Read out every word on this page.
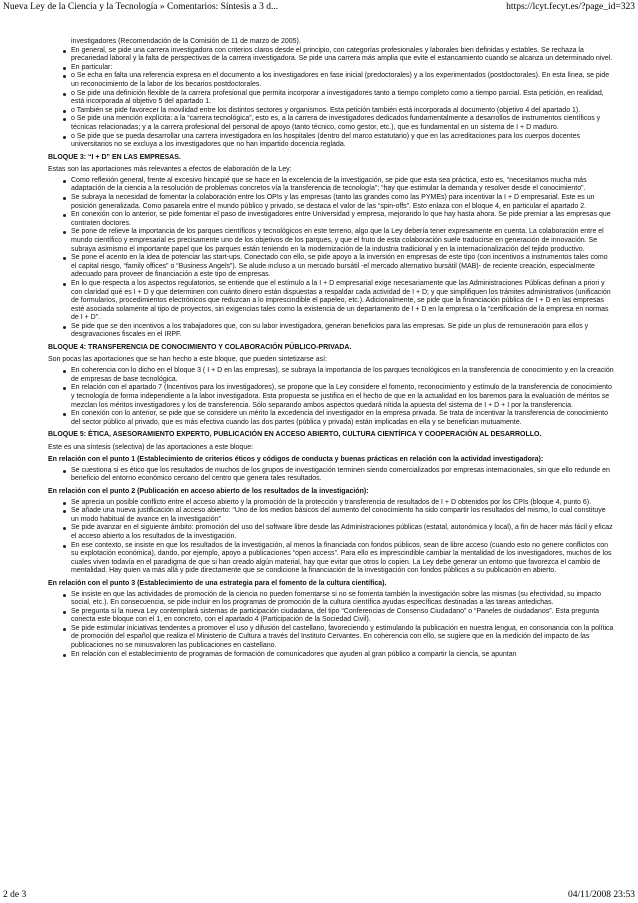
Nueva Ley de la Ciencia y la Tecnología » Comentarios: Síntesis a 3 d...	https://lcyt.fecyt.es/?page_id=323
investigadores (Recomendación de la Comisión de 11 de marzo de 2005).
En general, se pide una carrera investigadora con criterios claros desde el principio, con categorías profesionales y laborales bien definidas y estables. Se rechaza la precariedad laboral y la falta de perspectivas de la carrera investigadora. Se pide una carrera más amplia que evite el estancamiento cuando se alcanza un determinado nivel.
En particular:
o Se echa en falta una referencia expresa en el documento a los investigadores en fase inicial (predoctorales) y a los experimentados (postdoctorales). En esta línea, se pide un reconocimiento de la labor de los becarios postdoctorales.
o Se pide una definición flexible de la carrera profesional que permita incorporar a investigadores tanto a tiempo completo como a tiempo parcial. Esta petición, en realidad, está incorporada al objetivo 5 del apartado 1.
o También se pide favorecer la movilidad entre los distintos sectores y organismos. Esta petición también está incorporada al documento (objetivo 4 del apartado 1).
o Se pide una mención explícita: a la “carrera tecnológica”, esto es, a la carrera de investigadores dedicados fundamentalmente a desarrollos de instrumentos científicos y técnicas relacionadas; y a la carrera profesional del personal de apoyo (tanto técnico, como gestor, etc.), que es fundamental en un sistema de I + D maduro.
o Se pide que se pueda desarrollar una carrera investigadora en los hospitales (dentro del marco estatutario) y que en las acreditaciones para los cuerpos docentes universitarios no se excluya a los investigadores que no han impartido docencia reglada.
BLOQUE 3: “I + D” EN LAS EMPRESAS.
Estas son las aportaciones más relevantes a efectos de elaboración de la Ley:
Como reflexión general, frente al excesivo hincapié que se hace en la excelencia de la investigación, se pide que esta sea práctica, esto es, “necesitamos mucha más adaptación de la ciencia a la resolución de problemas concretos vía la transferencia de tecnología”; “hay que estimular la demanda y resolver desde el conocimiento”.
Se subraya la necesidad de fomentar la colaboración entre los OPIs y las empresas (tanto las grandes como las PYMEs) para incentivar la I + D empresarial. Este es un posición generalizada. Como pasarela entre el mundo público y privado, se destaca el valor de las “spin-offs”. Esto enlaza con el bloque 4, en particular el apartado 2.
En conexión con lo anterior, se pide fomentar el paso de investigadores entre Universidad y empresa, mejorando lo que hay hasta ahora. Se pide premiar a las empresas que contraten doctores.
Se pone de relieve la importancia de los parques científicos y tecnológicos en este terreno, algo que la Ley debería tener expresamente en cuenta. La colaboración entre el mundo científico y empresarial es precisamente uno de los objetivos de los parques, y que el fruto de esta colaboración suele traducirse en generación de innovación. Se subraya asimismo el importante papel que los parques están teniendo en la modernización de la industria tradicional y en la internacionalización del tejido productivo.
Se pone el acento en la idea de potenciar las start-ups. Conectado con ello, se pide apoyo a la inversión en empresas de este tipo (con incentivos a instrumentos tales como el capital riesgo, “family offices” o “Business Angels”). Se alude incluso a un mercado bursátil -el mercado alternativo bursátil (MAB)- de reciente creación, especialmente adecuado para proveer de financiación a este tipo de empresas.
En lo que respecta a los aspectos regulatorios, se entiende que el estímulo a la I + D empresarial exige necesariamente que las Administraciones Públicas definan a priori y con claridad qué es I + D y que determinen con cuánto dinero están dispuestas a respaldar cada actividad de I + D; y que simplifiquen los trámites administrativos (unificación de formularios, procedimientos electrónicos que reduzcan a lo imprescindible el papeleo, etc.). Adicionalmente, se pide que la financiación pública de I + D en las empresas esté asociada solamente al tipo de proyectos, sin exigencias tales como la existencia de un departamento de I + D en la empresa o la “certificación de la empresa en normas de I + D”.
Se pide que se den incentivos a los trabajadores que, con su labor investigadora, generan beneficios para las empresas. Se pide un plus de remuneración para ellos y desgravaciones fiscales en el IRPF.
BLOQUE 4: TRANSFERENCIA DE CONOCIMIENTO Y COLABORACIÓN PÚBLICO-PRIVADA.
Son pocas las aportaciones que se han hecho a este bloque, que pueden sintetizarse así:
En coherencia con lo dicho en el bloque 3 ( I + D en las empresas), se subraya la importancia de los parques tecnológicos en la transferencia de conocimiento y en la creación de empresas de base tecnológica.
En relación con el apartado 7 (Incentivos para los investigadores), se propone que la Ley considere el fomento, reconocimiento y estímulo de la transferencia de conocimiento y tecnología de forma independiente a la labor investigadora. Esta propuesta se justifica en el hecho de que en la actualidad en los baremos para la evaluación de méritos se mezclan los méritos investigadores y los de transferencia. Sólo separando ambos aspectos quedará nítida la apuesta del sistema de I + D + I por la transferencia.
En conexión con lo anterior, se pide que se considere un mérito la excedencia del investigador en la empresa privada. Se trata de incentivar la transferencia de conocimiento del sector público al privado, que es más efectiva cuando las dos partes (pública y privada) están implicadas en ella y se benefician mutuamente.
BLOQUE 5: ÉTICA, ASESORAMIENTO EXPERTO, PUBLICACIÓN EN ACCESO ABIERTO, CULTURA CIENTÍFICA Y COOPERACIÓN AL DESARROLLO.
Este es una síntesis (selectiva) de las aportaciones a este bloque:
En relación con el punto 1 (Establecimiento de criterios éticos y códigos de conducta y buenas prácticas en relación con la actividad investigadora):
Se cuestiona si es ético que los resultados de muchos de los grupos de investigación terminen siendo comercializados por empresas internacionales, sin que ello redunde en beneficio del entorno económico cercano del centro que genera tales resultados.
En relación con el punto 2 (Publicación en acceso abierto de los resultados de la investigación):
Se aprecia un posible conflicto entre el acceso abierto y la promoción de la protección y transferencia de resultados de I + D obtenidos por los CPIs (bloque 4, punto 6).
Se añade una nueva justificación al acceso abierto: “Uno de los medios básicos del aumento del conocimiento ha sido compartir los resultados del mismo, lo cual constituye un modo habitual de avance en la investigación”
Se pide avanzar en el siguiente ámbito: promoción del uso del software libre desde las Administraciones públicas (estatal, autonómica y local), a fin de hacer más fácil y eficaz el acceso abierto a los resultados de la investigación.
En ese contexto, se insiste en que los resultados de la investigación, al menos la financiada con fondos públicos, sean de libre acceso (cuando esto no genere conflictos con su explotación económica), dando, por ejemplo, apoyo a publicaciones “open access”. Para ello es imprescindible cambiar la mentalidad de los investigadores, muchos de los cuales viven todavía en el paradigma de que si han creado algún material, hay que evitar que otros lo copien. La Ley debe generar un entorno que favorezca el cambio de mentalidad. Hay quien va más allá y pide directamente que se condicione la financiación de la investigación con fondos públicos a su publicación en abierto.
En relación con el punto 3 (Establecimiento de una estrategia para el fomento de la cultura científica).
Se insiste en que las actividades de promoción de la ciencia no pueden fomentarse si no se fomenta también la investigación sobre las mismas (su efectividad, su impacto social, etc.). En consecuencia, se pide incluir en los programas de promoción de la cultura científica ayudas específicas destinadas a las tareas antedichas.
Se pregunta si la nueva Ley contemplará sistemas de participación ciudadana, del tipo “Conferencias de Consenso Ciudadano” o “Paneles de ciudadanos”. Esta pregunta conecta este bloque con el 1, en concreto, con el apartado 4 (Participación de la Sociedad Civil).
Se pide estimular iniciativas tendentes a promover el uso y difusión del castellano, favoreciendo y estimulando la publicación en nuestra lengua, en consonancia con la política de promoción del español que realiza el Ministerio de Cultura a través del Instituto Cervantes. En coherencia con ello, se sugiere que en la medición del impacto de las publicaciones no se minusvaloren las publicaciones en castellano.
En relación con el establecimiento de programas de formación de comunicadores que ayuden al gran público a compartir la ciencia, se apuntan
2 de 3	04/11/2008 23:53
